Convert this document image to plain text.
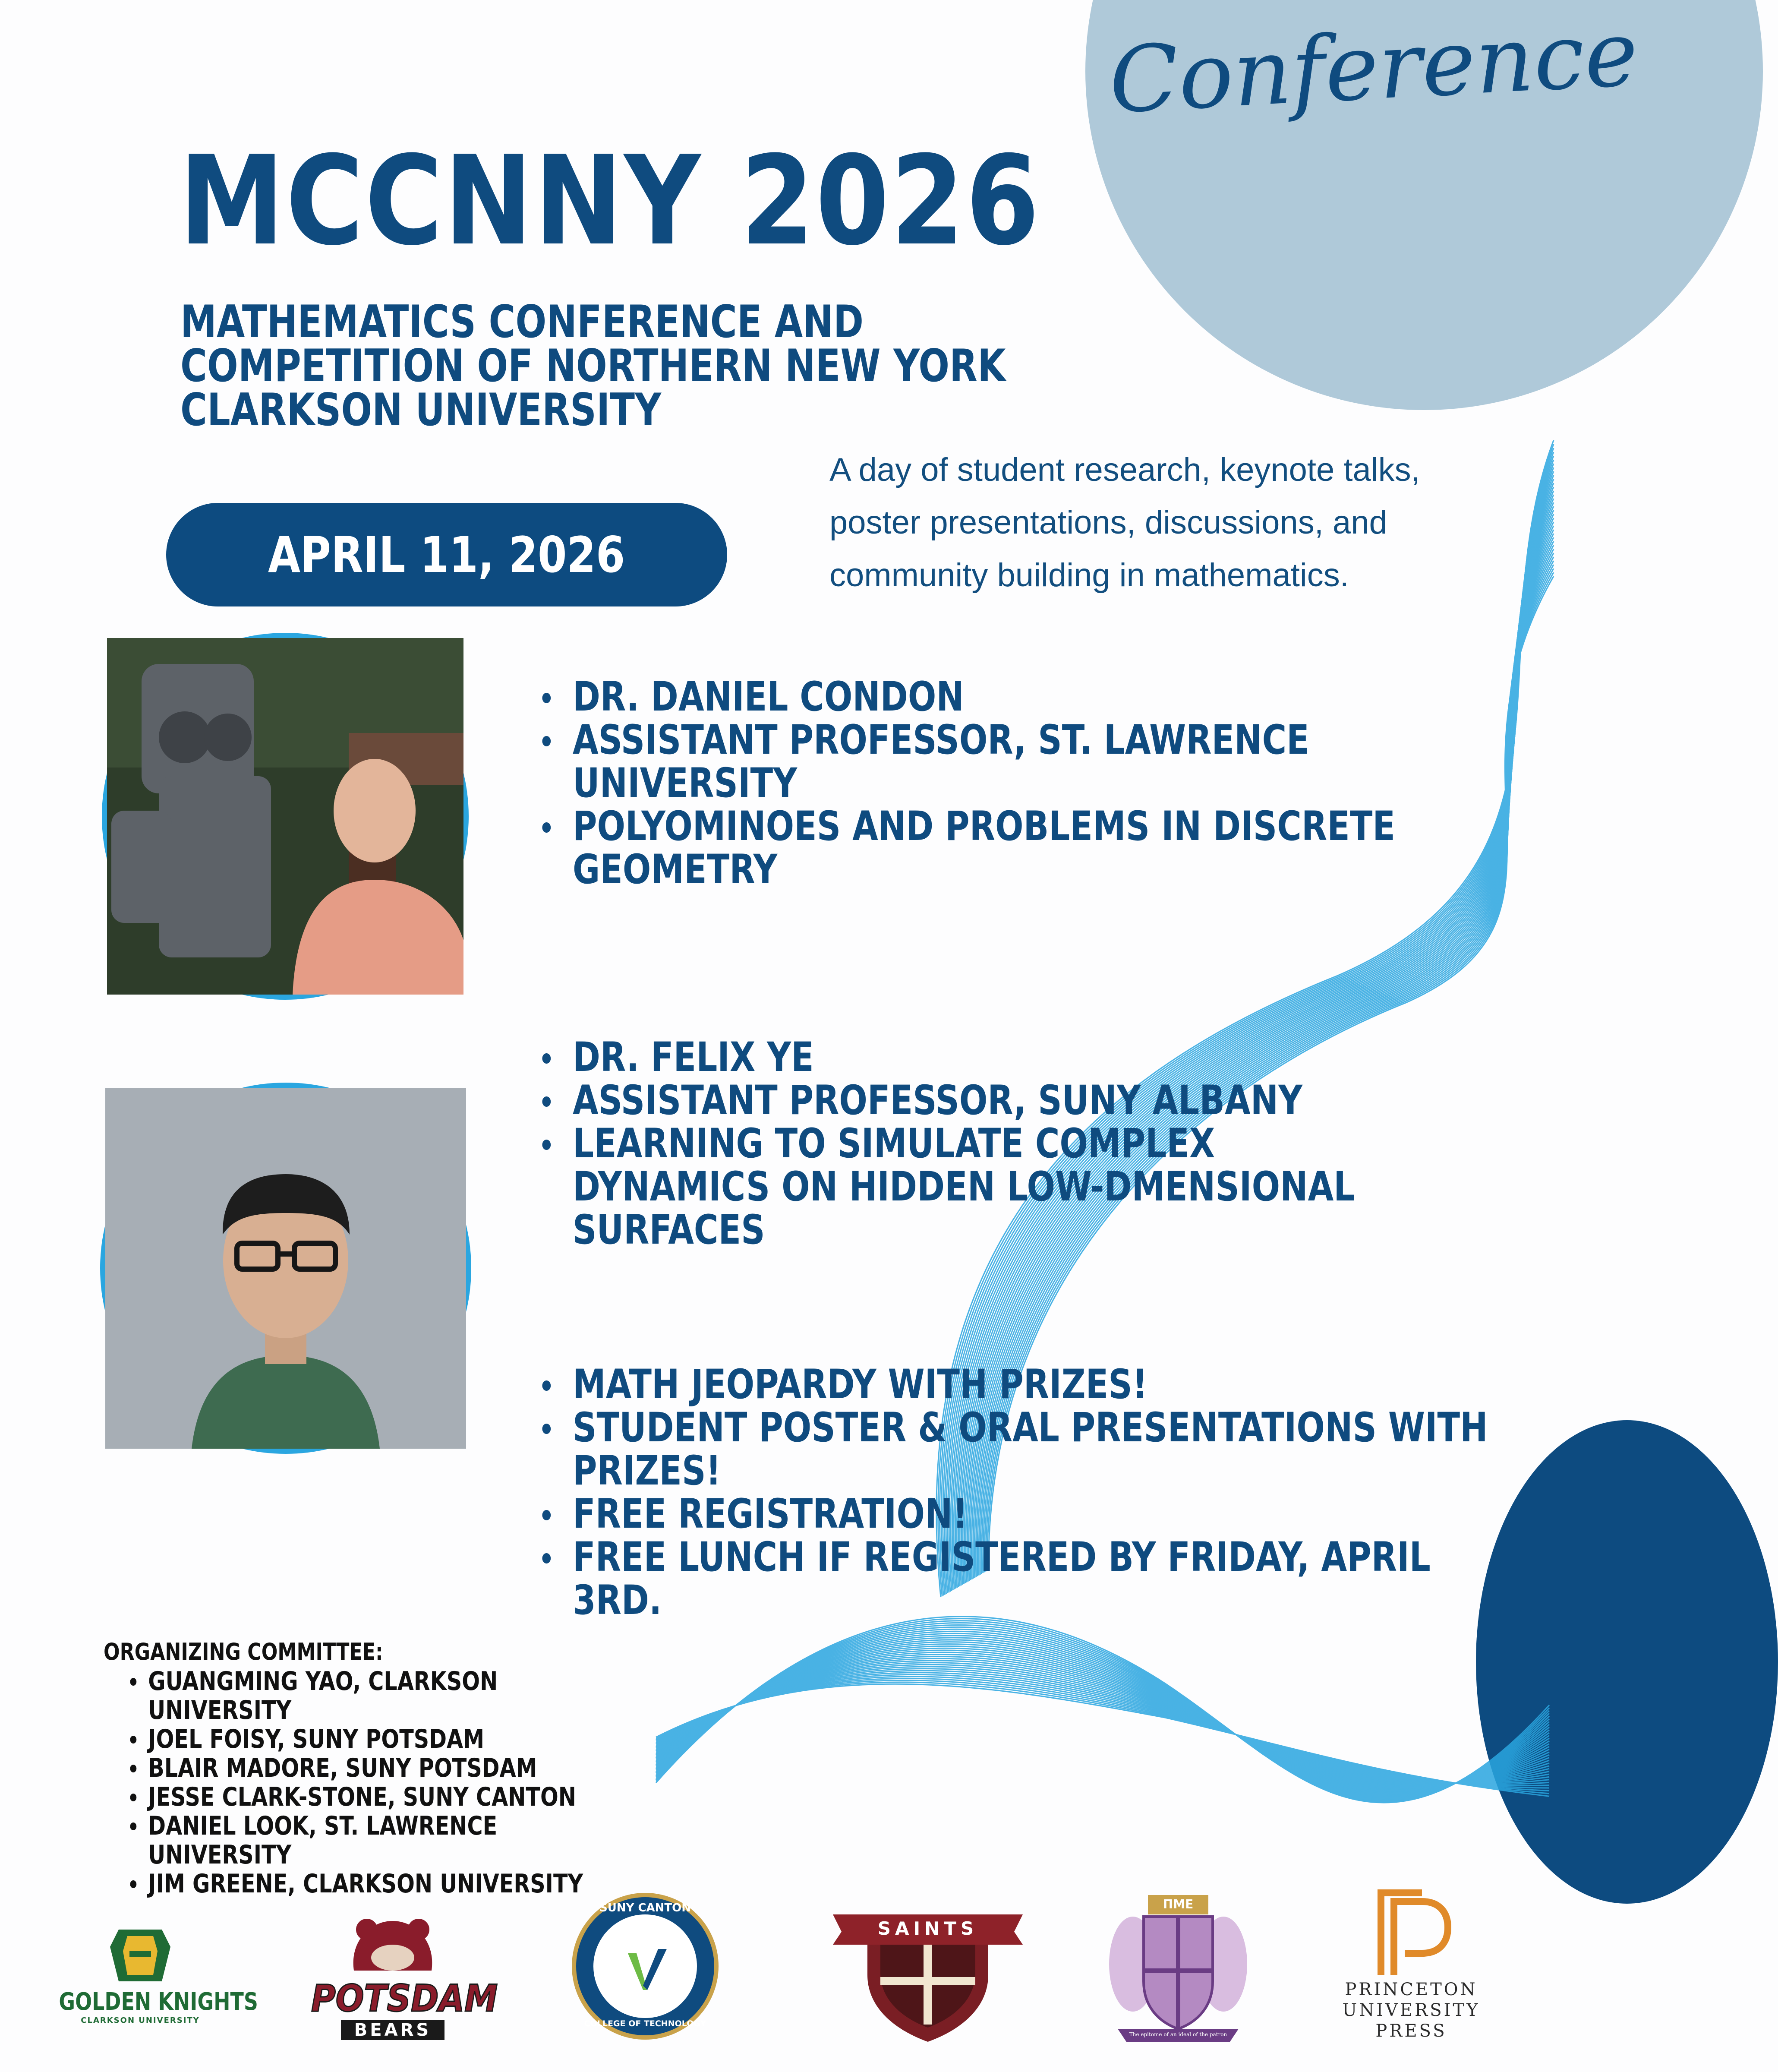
Conference
MCCNNY 2026
MATHEMATICS CONFERENCE AND
COMPETITION OF NORTHERN NEW YORK
CLARKSON UNIVERSITY
APRIL 11, 2026
A day of student research, keynote talks, poster presentations, discussions, and community building in mathematics.
DR. DANIEL CONDON
ASSISTANT PROFESSOR, ST. LAWRENCE UNIVERSITY
POLYOMINOES AND PROBLEMS IN DISCRETE GEOMETRY
DR. FELIX YE
ASSISTANT PROFESSOR, SUNY ALBANY
LEARNING TO SIMULATE COMPLEX DYNAMICS ON HIDDEN LOW-DMENSIONAL SURFACES
MATH JEOPARDY WITH PRIZES!
STUDENT POSTER & ORAL PRESENTATIONS WITH PRIZES!
FREE REGISTRATION!
FREE LUNCH IF REGISTERED BY FRIDAY, APRIL 3RD.
ORGANIZING COMMITTEE:
GUANGMING YAO, CLARKSON UNIVERSITY
JOEL FOISY, SUNY POTSDAM
BLAIR MADORE, SUNY POTSDAM
JESSE CLARK-STONE, SUNY CANTON
DANIEL LOOK, ST. LAWRENCE UNIVERSITY
JIM GREENE, CLARKSON UNIVERSITY
GOLDEN KNIGHTS
CLARKSON UNIVERSITY
POTSDAM
BEARS
SUNY CANTON
COLLEGE OF TECHNOLOGY
SAINTS
ΠΜΕ
The epitome of an ideal of the patron
PRINCETON
UNIVERSITY
PRESS
